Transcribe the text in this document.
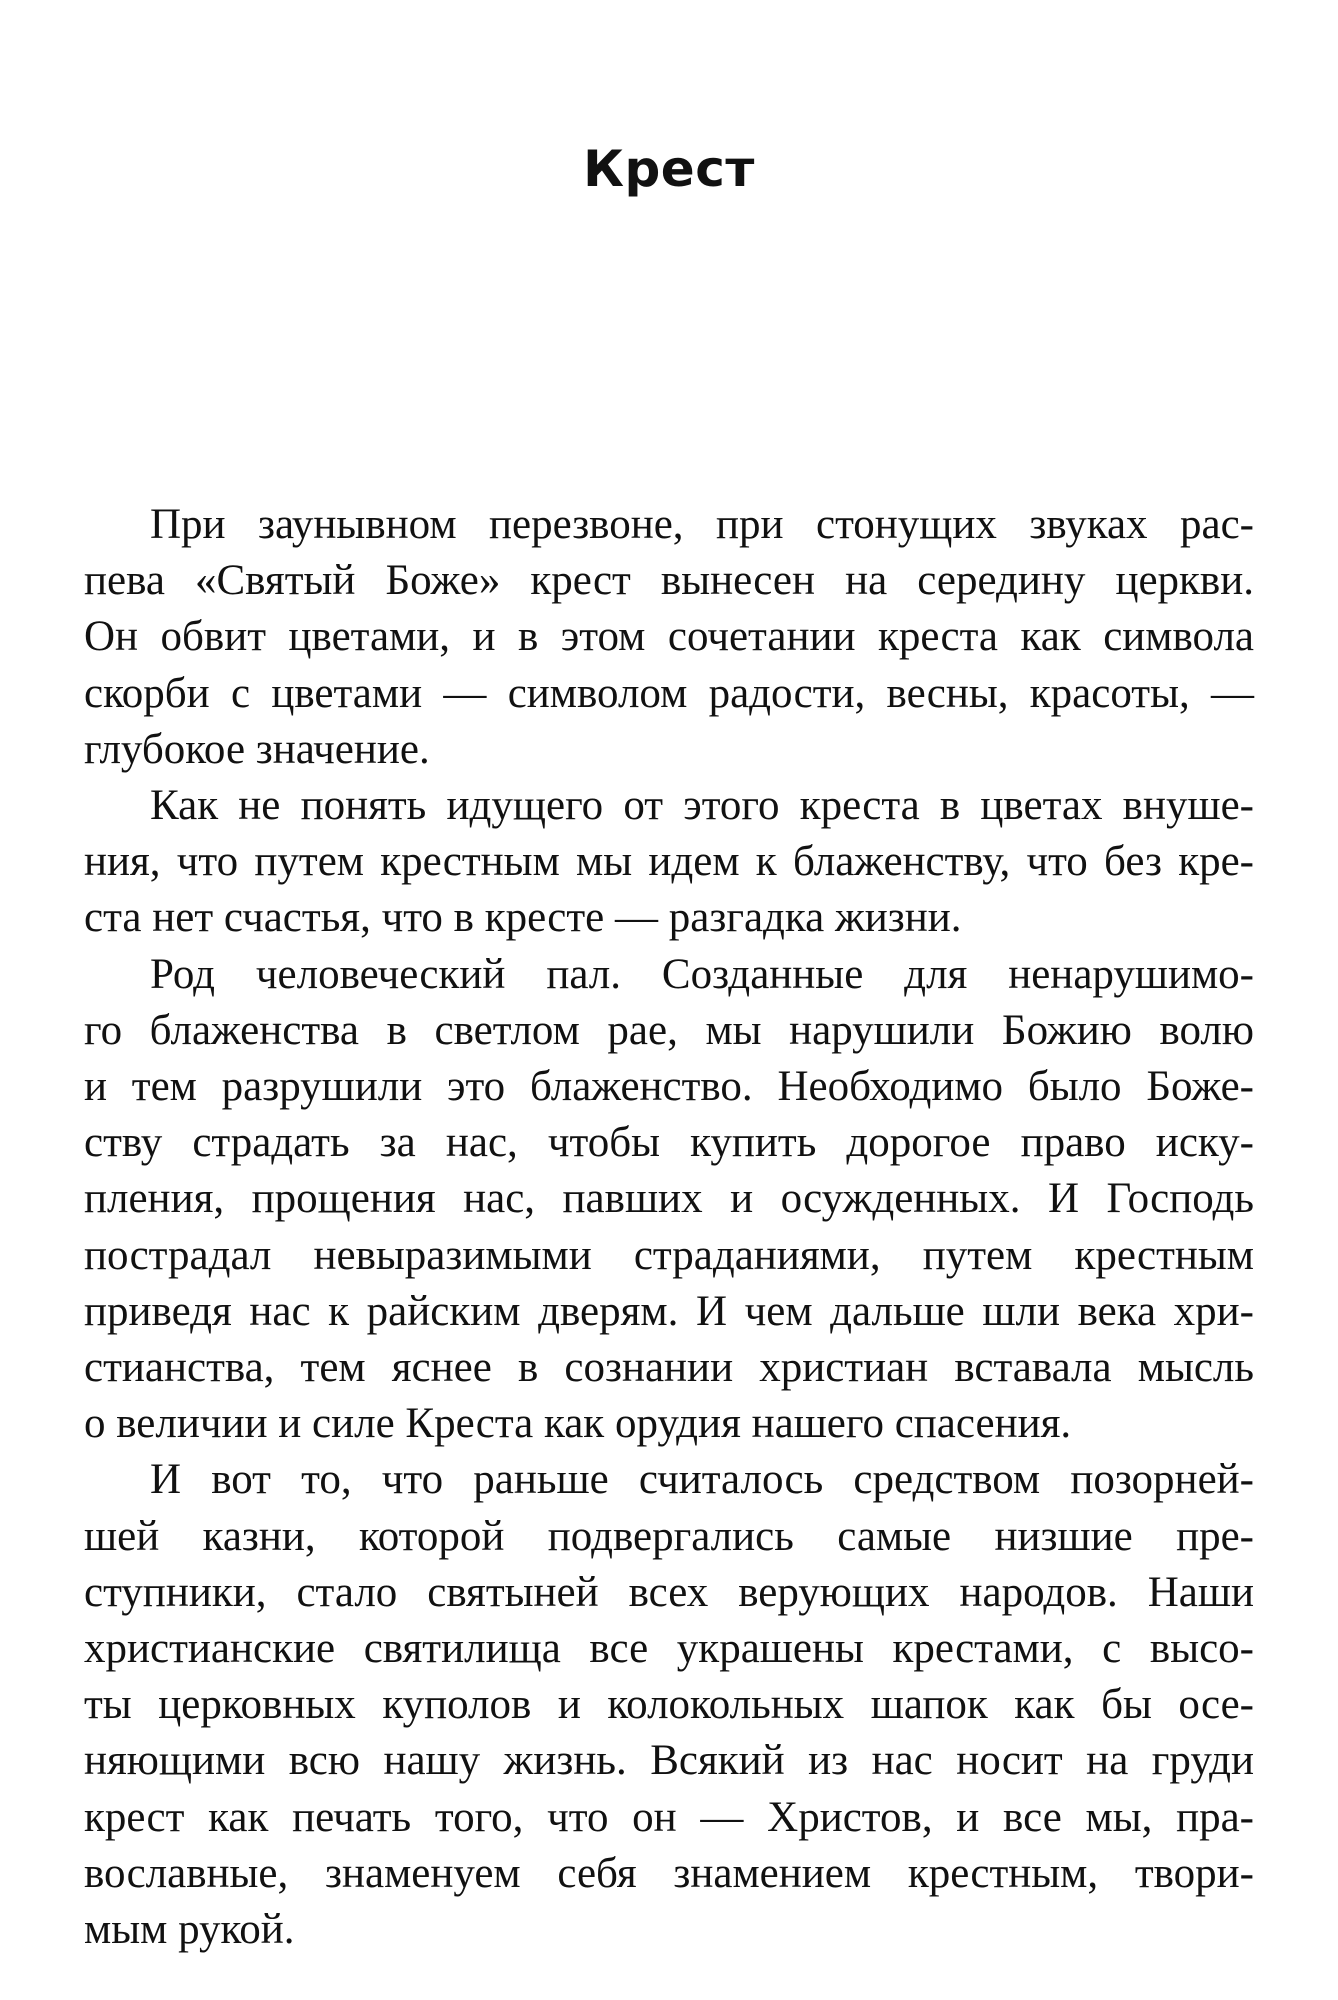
Крест
При заунывном перезвоне, при стонущих звуках рас-
пева «Святый Боже» крест вынесен на середину церкви.
Он обвит цветами, и в этом сочетании креста как символа
скорби с цветами — символом радости, весны, красоты, —
глубокое значение.
Как не понять идущего от этого креста в цветах внуше-
ния, что путем крестным мы идем к блаженству, что без кре-
ста нет счастья, что в кресте — разгадка жизни.
Род человеческий пал. Созданные для ненарушимо-
го блаженства в светлом рае, мы нарушили Божию волю
и тем разрушили это блаженство. Необходимо было Боже-
ству страдать за нас, чтобы купить дорогое право иску-
пления, прощения нас, павших и осужденных. И Господь
пострадал невыразимыми страданиями, путем крестным
приведя нас к райским дверям. И чем дальше шли века хри-
стианства, тем яснее в сознании христиан вставала мысль
о величии и силе Креста как орудия нашего спасения.
И вот то, что раньше считалось средством позорней-
шей казни, которой подвергались самые низшие пре-
ступники, стало святыней всех верующих народов. Наши
христианские святилища все украшены крестами, с высо-
ты церковных куполов и колокольных шапок как бы осе-
няющими всю нашу жизнь. Всякий из нас носит на груди
крест как печать того, что он — Христов, и все мы, пра-
вославные, знаменуем себя знамением крестным, твори-
мым рукой.
